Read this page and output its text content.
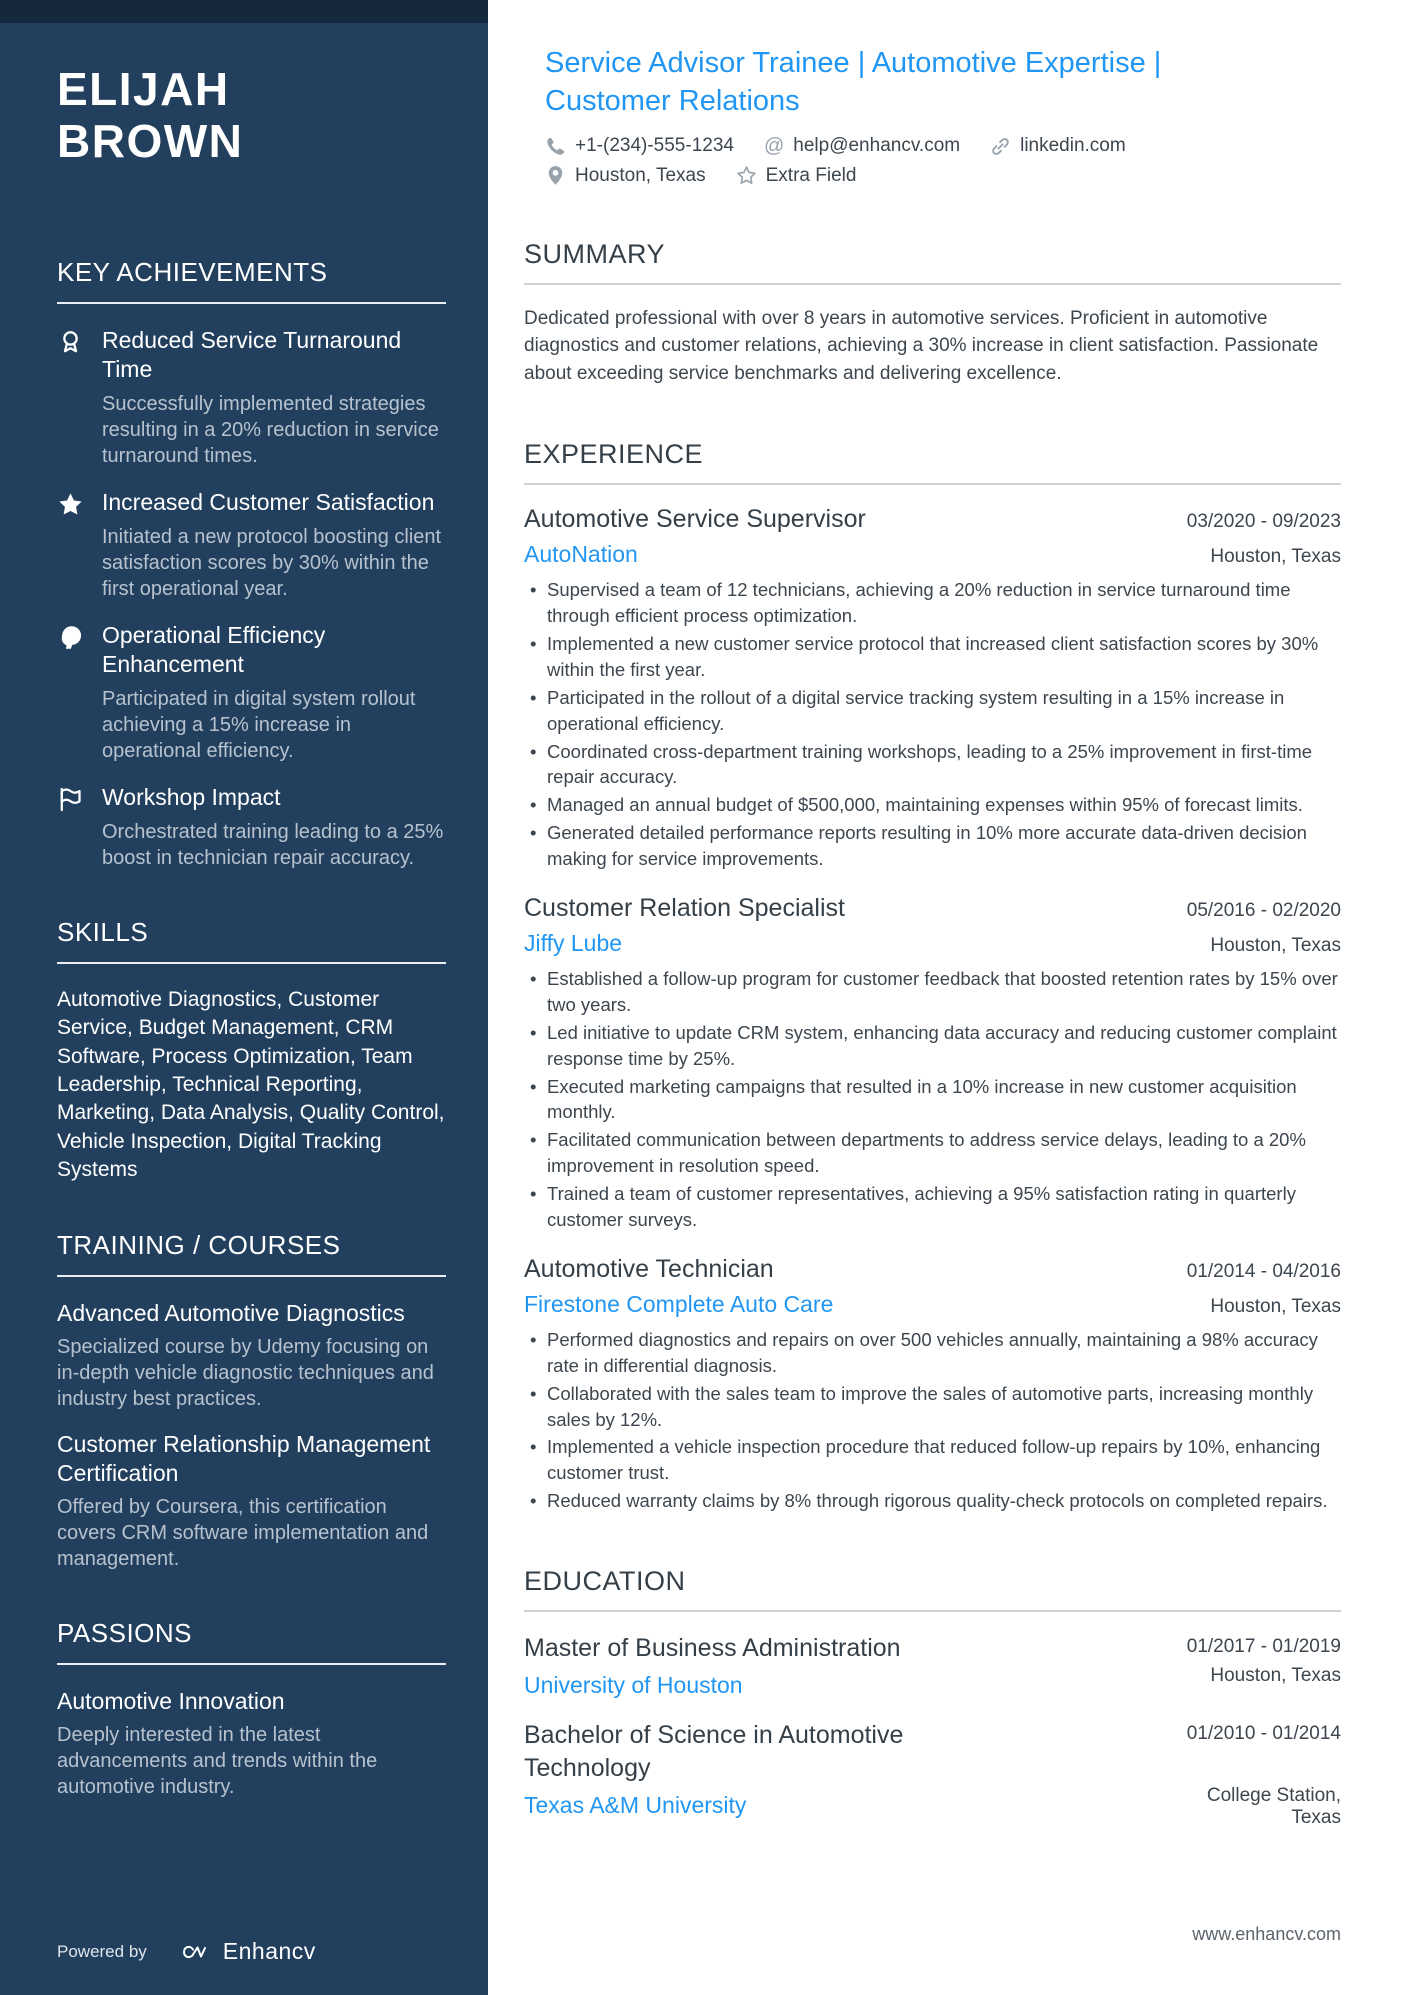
ELIJAH
BROWN
KEY ACHIEVEMENTS
Reduced Service Turnaround Time
Successfully implemented strategies resulting in a 20% reduction in service turnaround times.
Increased Customer Satisfaction
Initiated a new protocol boosting client satisfaction scores by 30% within the first operational year.
Operational Efficiency Enhancement
Participated in digital system rollout achieving a 15% increase in operational efficiency.
Workshop Impact
Orchestrated training leading to a 25% boost in technician repair accuracy.
SKILLS
Automotive Diagnostics, Customer Service, Budget Management, CRM Software, Process Optimization, Team Leadership, Technical Reporting, Marketing, Data Analysis, Quality Control, Vehicle Inspection, Digital Tracking Systems
TRAINING / COURSES
Advanced Automotive Diagnostics
Specialized course by Udemy focusing on in-depth vehicle diagnostic techniques and industry best practices.
Customer Relationship Management Certification
Offered by Coursera, this certification covers CRM software implementation and management.
PASSIONS
Automotive Innovation
Deeply interested in the latest advancements and trends within the automotive industry.
Powered by	Enhancv
Service Advisor Trainee | Automotive Expertise |
Customer Relations
+1-(234)-555-1234 @ help@enhancv.com	linkedin.com
Houston, Texas	Extra Field
SUMMARY

Dedicated professional with over 8 years in automotive services. Proficient in automotive diagnostics and customer relations, achieving a 30% increase in client satisfaction. Passionate about exceeding service benchmarks and delivering excellence.

EXPERIENCE
Automotive Service Supervisor	03/2020 - 09/2023
AutoNation	Houston, Texas
• Supervised a team of 12 technicians, achieving a 20% reduction in service turnaround time through efficient process optimization.
• Implemented a new customer service protocol that increased client satisfaction scores by 30% within the first year.
• Participated in the rollout of a digital service tracking system resulting in a 15% increase in operational efficiency.
• Coordinated cross-department training workshops, leading to a 25% improvement in first-time repair accuracy.
• Managed an annual budget of $500,000, maintaining expenses within 95% of forecast limits.
• Generated detailed performance reports resulting in 10% more accurate data-driven decision making for service improvements.
Customer Relation Specialist	05/2016 - 02/2020
Jiffy Lube	Houston, Texas
• Established a follow-up program for customer feedback that boosted retention rates by 15% over two years.
• Led initiative to update CRM system, enhancing data accuracy and reducing customer complaint response time by 25%.
• Executed marketing campaigns that resulted in a 10% increase in new customer acquisition monthly.
• Facilitated communication between departments to address service delays, leading to a 20% improvement in resolution speed.
• Trained a team of customer representatives, achieving a 95% satisfaction rating in quarterly customer surveys.
Automotive Technician	01/2014 - 04/2016
Firestone Complete Auto Care	Houston, Texas
• Performed diagnostics and repairs on over 500 vehicles annually, maintaining a 98% accuracy rate in differential diagnosis.
• Collaborated with the sales team to improve the sales of automotive parts, increasing monthly sales by 12%.
• Implemented a vehicle inspection procedure that reduced follow-up repairs by 10%, enhancing customer trust.
• Reduced warranty claims by 8% through rigorous quality-check protocols on completed repairs.
EDUCATION
Master of Business Administration	01/2017 - 01/2019
University of Houston	Houston, Texas
Bachelor of Science in Automotive Technology
01/2010 - 01/2014
Texas A&M University	College Station, Texas
www.enhancv.com
